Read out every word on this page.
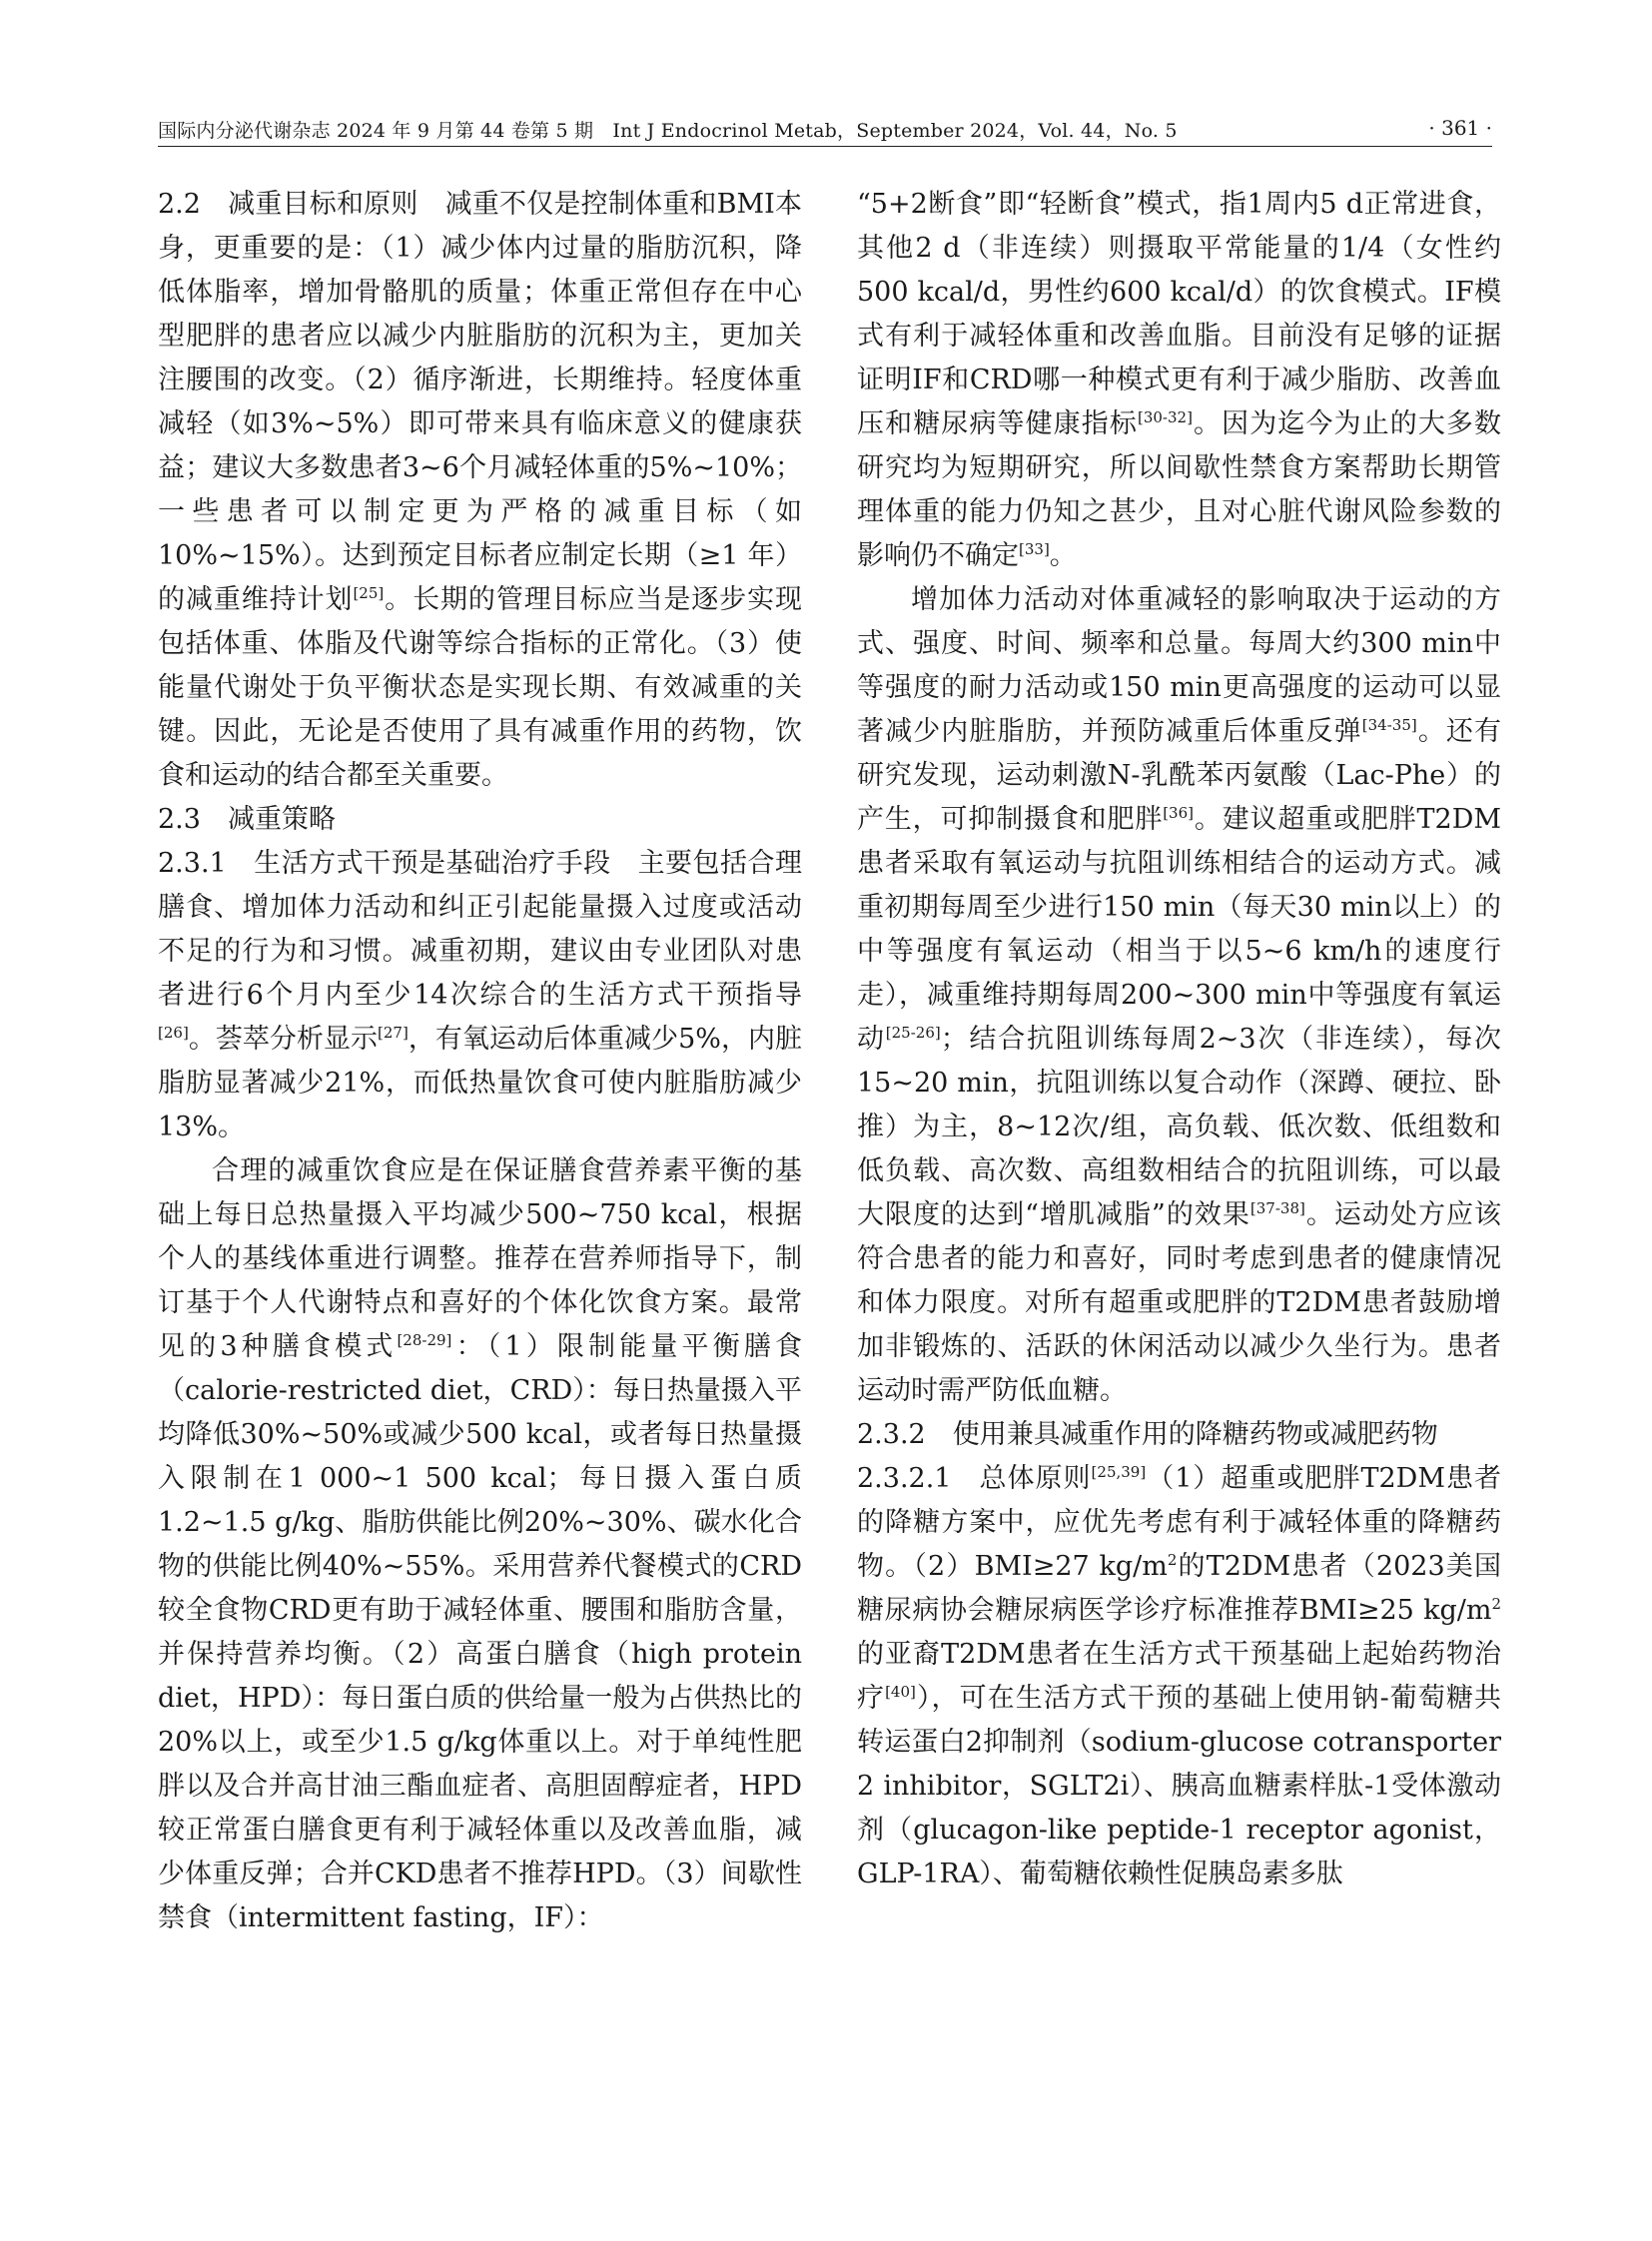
国际内分泌代谢杂志 2024 年 9 月第 44 卷第 5 期　Int J Endocrinol Metab，September 2024，Vol. 44，No. 5	· 361 ·

2.2 减重目标和原则 减重不仅是控制体重和BMI本身，更重要的是：（1）减少体内过量的脂肪沉积，降低体脂率，增加骨骼肌的质量；体重正常但存在中心型肥胖的患者应以减少内脏脂肪的沉积为主，更加关注腰围的改变。（2）循序渐进，长期维持。轻度体重减轻（如3%~5%）即可带来具有临床意义的健康获益；建议大多数患者3~6个月减轻体重的5%~10%；一些患者可以制定更为严格的减重目标（如10%~15%）。达到预定目标者应制定长期（≥1 年）的减重维持计划[25]。长期的管理目标应当是逐步实现包括体重、体脂及代谢等综合指标的正常化。（3）使能量代谢处于负平衡状态是实现长期、有效减重的关键。因此，无论是否使用了具有减重作用的药物，饮食和运动的结合都至关重要。

2.3 减重策略

2.3.1 生活方式干预是基础治疗手段 主要包括合理膳食、增加体力活动和纠正引起能量摄入过度或活动不足的行为和习惯。减重初期，建议由专业团队对患者进行6个月内至少14次综合的生活方式干预指导[26]。荟萃分析显示[27]，有氧运动后体重减少5%，内脏脂肪显著减少21%，而低热量饮食可使内脏脂肪减少13%。

合理的减重饮食应是在保证膳食营养素平衡的基础上每日总热量摄入平均减少500~750 kcal，根据个人的基线体重进行调整。推荐在营养师指导下，制订基于个人代谢特点和喜好的个体化饮食方案。最常见的3种膳食模式[28-29]：（1）限制能量平衡膳食（calorie-restricted diet，CRD）：每日热量摄入平均降低30%~50%或减少500 kcal，或者每日热量摄入限制在1 000~1 500 kcal；每日摄入蛋白质1.2~1.5 g/kg、脂肪供能比例20%~30%、碳水化合物的供能比例40%~55%。采用营养代餐模式的CRD较全食物CRD更有助于减轻体重、腰围和脂肪含量，并保持营养均衡。（2）高蛋白膳食（high protein diet，HPD）：每日蛋白质的供给量一般为占供热比的20%以上，或至少1.5 g/kg体重以上。对于单纯性肥胖以及合并高甘油三酯血症者、高胆固醇症者，HPD较正常蛋白膳食更有利于减轻体重以及改善血脂，减少体重反弹；合并CKD患者不推荐HPD。（3）间歇性禁食（intermittent fasting，IF）：

“5+2断食”即“轻断食”模式，指1周内5 d正常进食，其他2 d（非连续）则摄取平常能量的1/4（女性约500 kcal/d，男性约600 kcal/d）的饮食模式。IF模式有利于减轻体重和改善血脂。目前没有足够的证据证明IF和CRD哪一种模式更有利于减少脂肪、改善血压和糖尿病等健康指标[30-32]。因为迄今为止的大多数研究均为短期研究，所以间歇性禁食方案帮助长期管理体重的能力仍知之甚少，且对心脏代谢风险参数的影响仍不确定[33]。

增加体力活动对体重减轻的影响取决于运动的方式、强度、时间、频率和总量。每周大约300 min中等强度的耐力活动或150 min更高强度的运动可以显著减少内脏脂肪，并预防减重后体重反弹[34-35]。还有研究发现，运动刺激N-乳酰苯丙氨酸（Lac-Phe）的产生，可抑制摄食和肥胖[36]。建议超重或肥胖T2DM患者采取有氧运动与抗阻训练相结合的运动方式。减重初期每周至少进行150 min（每天30 min以上）的中等强度有氧运动（相当于以5~6 km/h的速度行走），减重维持期每周200~300 min中等强度有氧运动[25-26]；结合抗阻训练每周2~3次（非连续），每次15~20 min，抗阻训练以复合动作（深蹲、硬拉、卧推）为主，8~12次/组，高负载、低次数、低组数和低负载、高次数、高组数相结合的抗阻训练，可以最大限度的达到“增肌减脂”的效果[37-38]。运动处方应该符合患者的能力和喜好，同时考虑到患者的健康情况和体力限度。对所有超重或肥胖的T2DM患者鼓励增加非锻炼的、活跃的休闲活动以减少久坐行为。患者运动时需严防低血糖。

2.3.2 使用兼具减重作用的降糖药物或减肥药物

2.3.2.1 总体原则[25,39]（1）超重或肥胖T2DM患者的降糖方案中，应优先考虑有利于减轻体重的降糖药物。（2）BMI≥27 $kg/m^2$的T2DM患者（2023美国糖尿病协会糖尿病医学诊疗标准推荐BMI≥25 $kg/m^2$的亚裔T2DM患者在生活方式干预基础上起始药物治疗[40]），可在生活方式干预的基础上使用钠-葡萄糖共转运蛋白2抑制剂（sodium-glucose cotransporter 2 inhibitor，SGLT2i）、胰高血糖素样肽-1受体激动剂（glucagon-like peptide-1 receptor agonist，GLP-1RA）、葡萄糖依赖性促胰岛素多肽
